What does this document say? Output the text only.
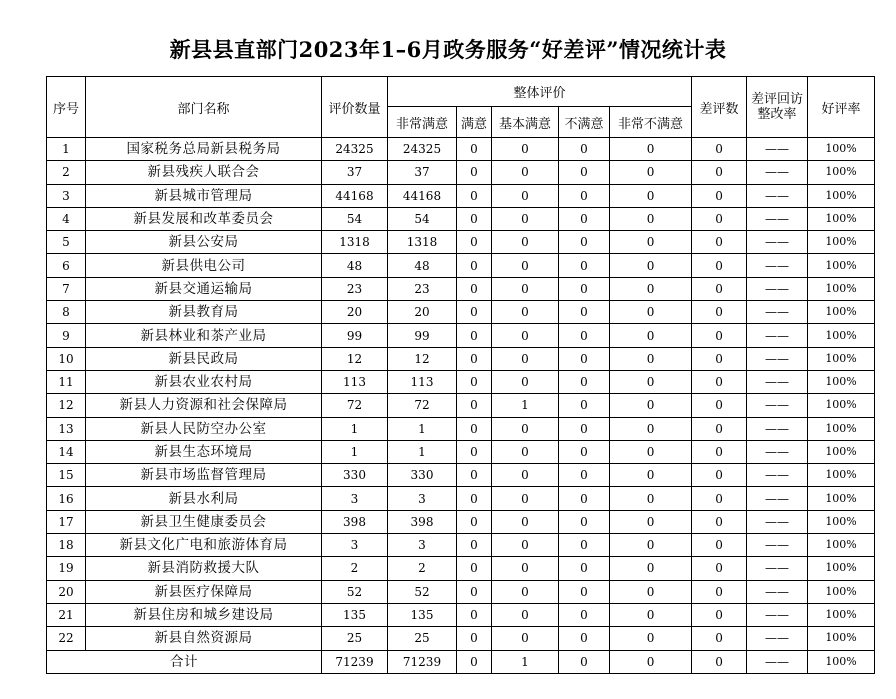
新县县直部门2023年1–6月政务服务“好差评”情况统计表
序号	部门名称	评价数量	整体评价					差评数	差评回访整改率	好评率
			非常满意	满意	基本满意	不满意	非常不满意			
1	国家税务总局新县税务局	24325	24325	0	0	0	0	0	——	100%
2	新县残疾人联合会	37	37	0	0	0	0	0	——	100%
3	新县城市管理局	44168	44168	0	0	0	0	0	——	100%
4	新县发展和改革委员会	54	54	0	0	0	0	0	——	100%
5	新县公安局	1318	1318	0	0	0	0	0	——	100%
6	新县供电公司	48	48	0	0	0	0	0	——	100%
7	新县交通运输局	23	23	0	0	0	0	0	——	100%
8	新县教育局	20	20	0	0	0	0	0	——	100%
9	新县林业和茶产业局	99	99	0	0	0	0	0	——	100%
10	新县民政局	12	12	0	0	0	0	0	——	100%
11	新县农业农村局	113	113	0	0	0	0	0	——	100%
12	新县人力资源和社会保障局	72	72	0	1	0	0	0	——	100%
13	新县人民防空办公室	1	1	0	0	0	0	0	——	100%
14	新县生态环境局	1	1	0	0	0	0	0	——	100%
15	新县市场监督管理局	330	330	0	0	0	0	0	——	100%
16	新县水利局	3	3	0	0	0	0	0	——	100%
17	新县卫生健康委员会	398	398	0	0	0	0	0	——	100%
18	新县文化广电和旅游体育局	3	3	0	0	0	0	0	——	100%
19	新县消防救援大队	2	2	0	0	0	0	0	——	100%
20	新县医疗保障局	52	52	0	0	0	0	0	——	100%
21	新县住房和城乡建设局	135	135	0	0	0	0	0	——	100%
22	新县自然资源局	25	25	0	0	0	0	0	——	100%
合计		71239	71239	0	1	0	0	0	——	100%
